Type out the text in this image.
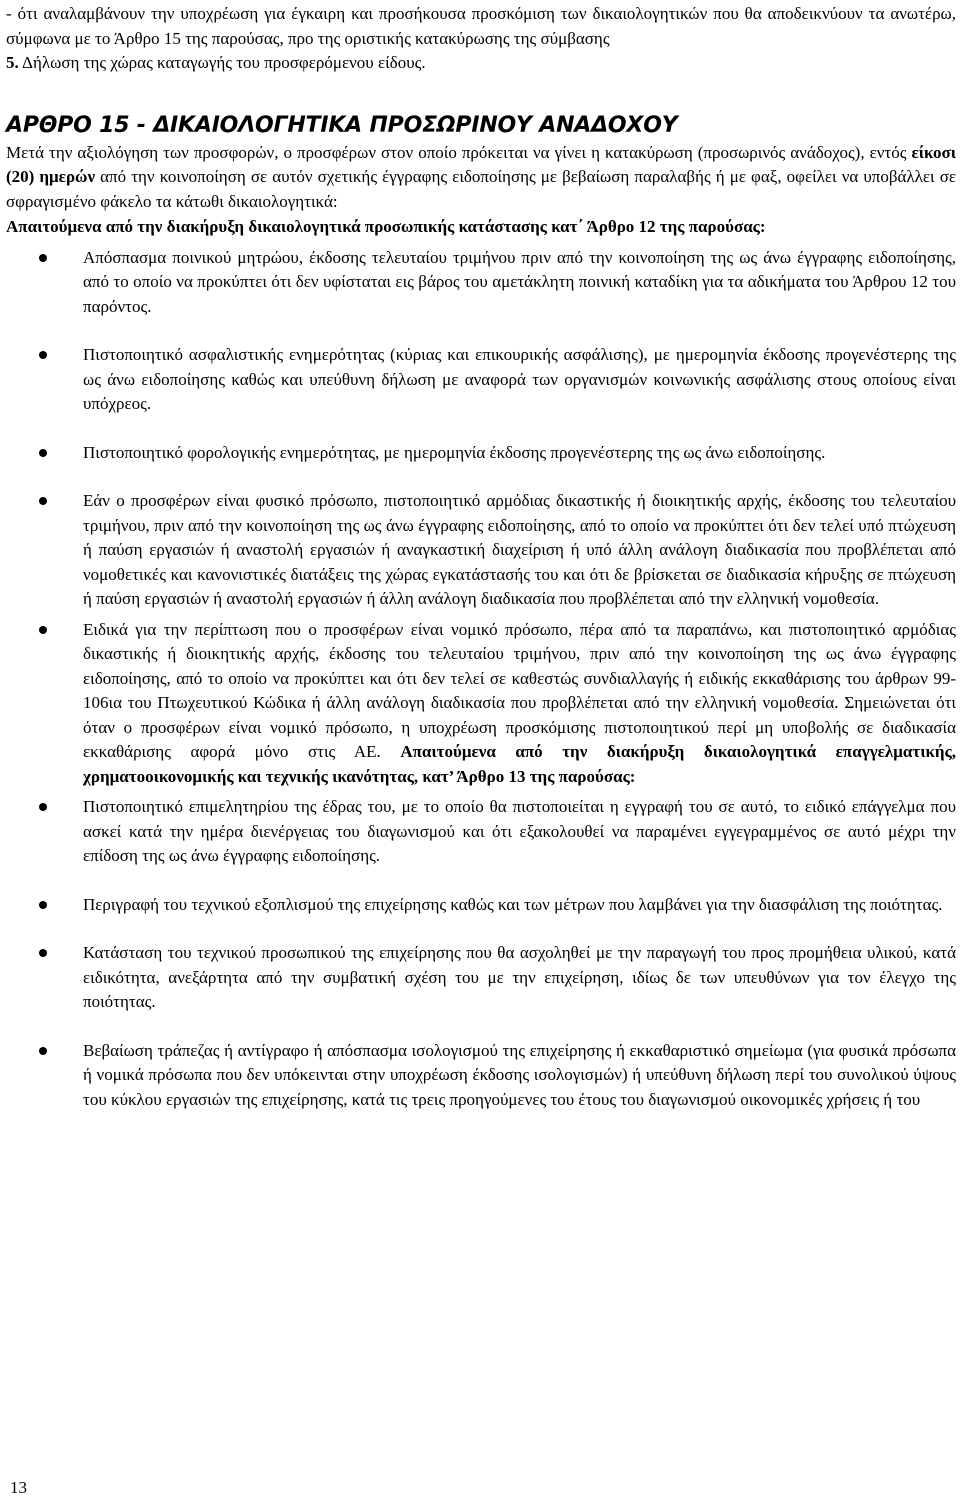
- ότι αναλαμβάνουν την υποχρέωση για έγκαιρη και προσήκουσα προσκόμιση των δικαιολογητικών που θα αποδεικνύουν τα ανωτέρω, σύμφωνα με το Άρθρο 15 της παρούσας, προ της οριστικής κατακύρωσης της σύμβασης

5. Δήλωση της χώρας καταγωγής του προσφερόμενου είδους.

ΑΡΘΡΟ 15 - ΔΙΚΑΙΟΛΟΓΗΤΙΚΑ ΠΡΟΣΩΡΙΝΟΥ ΑΝΑΔΟΧΟΥ

Μετά την αξιολόγηση των προσφορών, ο προσφέρων στον οποίο πρόκειται να γίνει η κατακύρωση (προσωρινός ανάδοχος), εντός είκοσι (20) ημερών από την κοινοποίηση σε αυτόν σχετικής έγγραφης ειδοποίησης με βεβαίωση παραλαβής ή με φαξ, οφείλει να υποβάλλει σε σφραγισμένο φάκελο τα κάτωθι δικαιολογητικά:

Απαιτούμενα από την διακήρυξη δικαιολογητικά προσωπικής κατάστασης κατ΄ Άρθρο 12 της παρούσας:

Απόσπασμα ποινικού μητρώου, έκδοσης τελευταίου τριμήνου πριν από την κοινοποίηση της ως άνω έγγραφης ειδοποίησης, από το οποίο να προκύπτει ότι δεν υφίσταται εις βάρος του αμετάκλητη ποινική καταδίκη για τα αδικήματα του Άρθρου 12 του παρόντος.
Πιστοποιητικό ασφαλιστικής ενημερότητας (κύριας και επικουρικής ασφάλισης), με ημερομηνία έκδοσης προγενέστερης της ως άνω ειδοποίησης καθώς και υπεύθυνη δήλωση με αναφορά των οργανισμών κοινωνικής ασφάλισης στους οποίους είναι υπόχρεος.
Πιστοποιητικό φορολογικής ενημερότητας, με ημερομηνία έκδοσης προγενέστερης της ως άνω ειδοποίησης.
Εάν ο προσφέρων είναι φυσικό πρόσωπο, πιστοποιητικό αρμόδιας δικαστικής ή διοικητικής αρχής, έκδοσης του τελευταίου τριμήνου, πριν από την κοινοποίηση της ως άνω έγγραφης ειδοποίησης, από το οποίο να προκύπτει ότι δεν τελεί υπό πτώχευση ή παύση εργασιών ή αναστολή εργασιών ή αναγκαστική διαχείριση ή υπό άλλη ανάλογη διαδικασία που προβλέπεται από νομοθετικές και κανονιστικές διατάξεις της χώρας εγκατάστασής του και ότι δε βρίσκεται σε διαδικασία κήρυξης σε πτώχευση ή παύση εργασιών ή αναστολή εργασιών ή άλλη ανάλογη διαδικασία που προβλέπεται από την ελληνική νομοθεσία.
Ειδικά για την περίπτωση που ο προσφέρων είναι νομικό πρόσωπο, πέρα από τα παραπάνω, και πιστοποιητικό αρμόδιας δικαστικής ή διοικητικής αρχής, έκδοσης του τελευταίου τριμήνου, πριν από την κοινοποίηση της ως άνω έγγραφης ειδοποίησης, από το οποίο να προκύπτει και ότι δεν τελεί σε καθεστώς συνδιαλλαγής ή ειδικής εκκαθάρισης του άρθρων 99-106ια του Πτωχευτικού Κώδικα ή άλλη ανάλογη διαδικασία που προβλέπεται από την ελληνική νομοθεσία. Σημειώνεται ότι όταν ο προσφέρων είναι νομικό πρόσωπο, η υποχρέωση προσκόμισης πιστοποιητικού περί μη υποβολής σε διαδικασία εκκαθάρισης αφορά μόνο στις ΑΕ. Απαιτούμενα από την διακήρυξη δικαιολογητικά επαγγελματικής, χρηματοοικονομικής και τεχνικής ικανότητας, κατ’ Άρθρο 13 της παρούσας:
Πιστοποιητικό επιμελητηρίου της έδρας του, με το οποίο θα πιστοποιείται η εγγραφή του σε αυτό, το ειδικό επάγγελμα που ασκεί κατά την ημέρα διενέργειας του διαγωνισμού και ότι εξακολουθεί να παραμένει εγγεγραμμένος σε αυτό μέχρι την επίδοση της ως άνω έγγραφης ειδοποίησης.
Περιγραφή του τεχνικού εξοπλισμού της επιχείρησης καθώς και των μέτρων που λαμβάνει για την διασφάλιση της ποιότητας.
Κατάσταση του τεχνικού προσωπικού της επιχείρησης που θα ασχοληθεί με την παραγωγή του προς προμήθεια υλικού, κατά ειδικότητα, ανεξάρτητα από την συμβατική σχέση του με την επιχείρηση, ιδίως δε των υπευθύνων για τον έλεγχο της ποιότητας.
Βεβαίωση τράπεζας ή αντίγραφο ή απόσπασμα ισολογισμού της επιχείρησης ή εκκαθαριστικό σημείωμα (για φυσικά πρόσωπα ή νομικά πρόσωπα που δεν υπόκεινται στην υποχρέωση έκδοσης ισολογισμών) ή υπεύθυνη δήλωση περί του συνολικού ύψους του κύκλου εργασιών της επιχείρησης, κατά τις τρεις προηγούμενες του έτους του διαγωνισμού οικονομικές χρήσεις ή του
13
